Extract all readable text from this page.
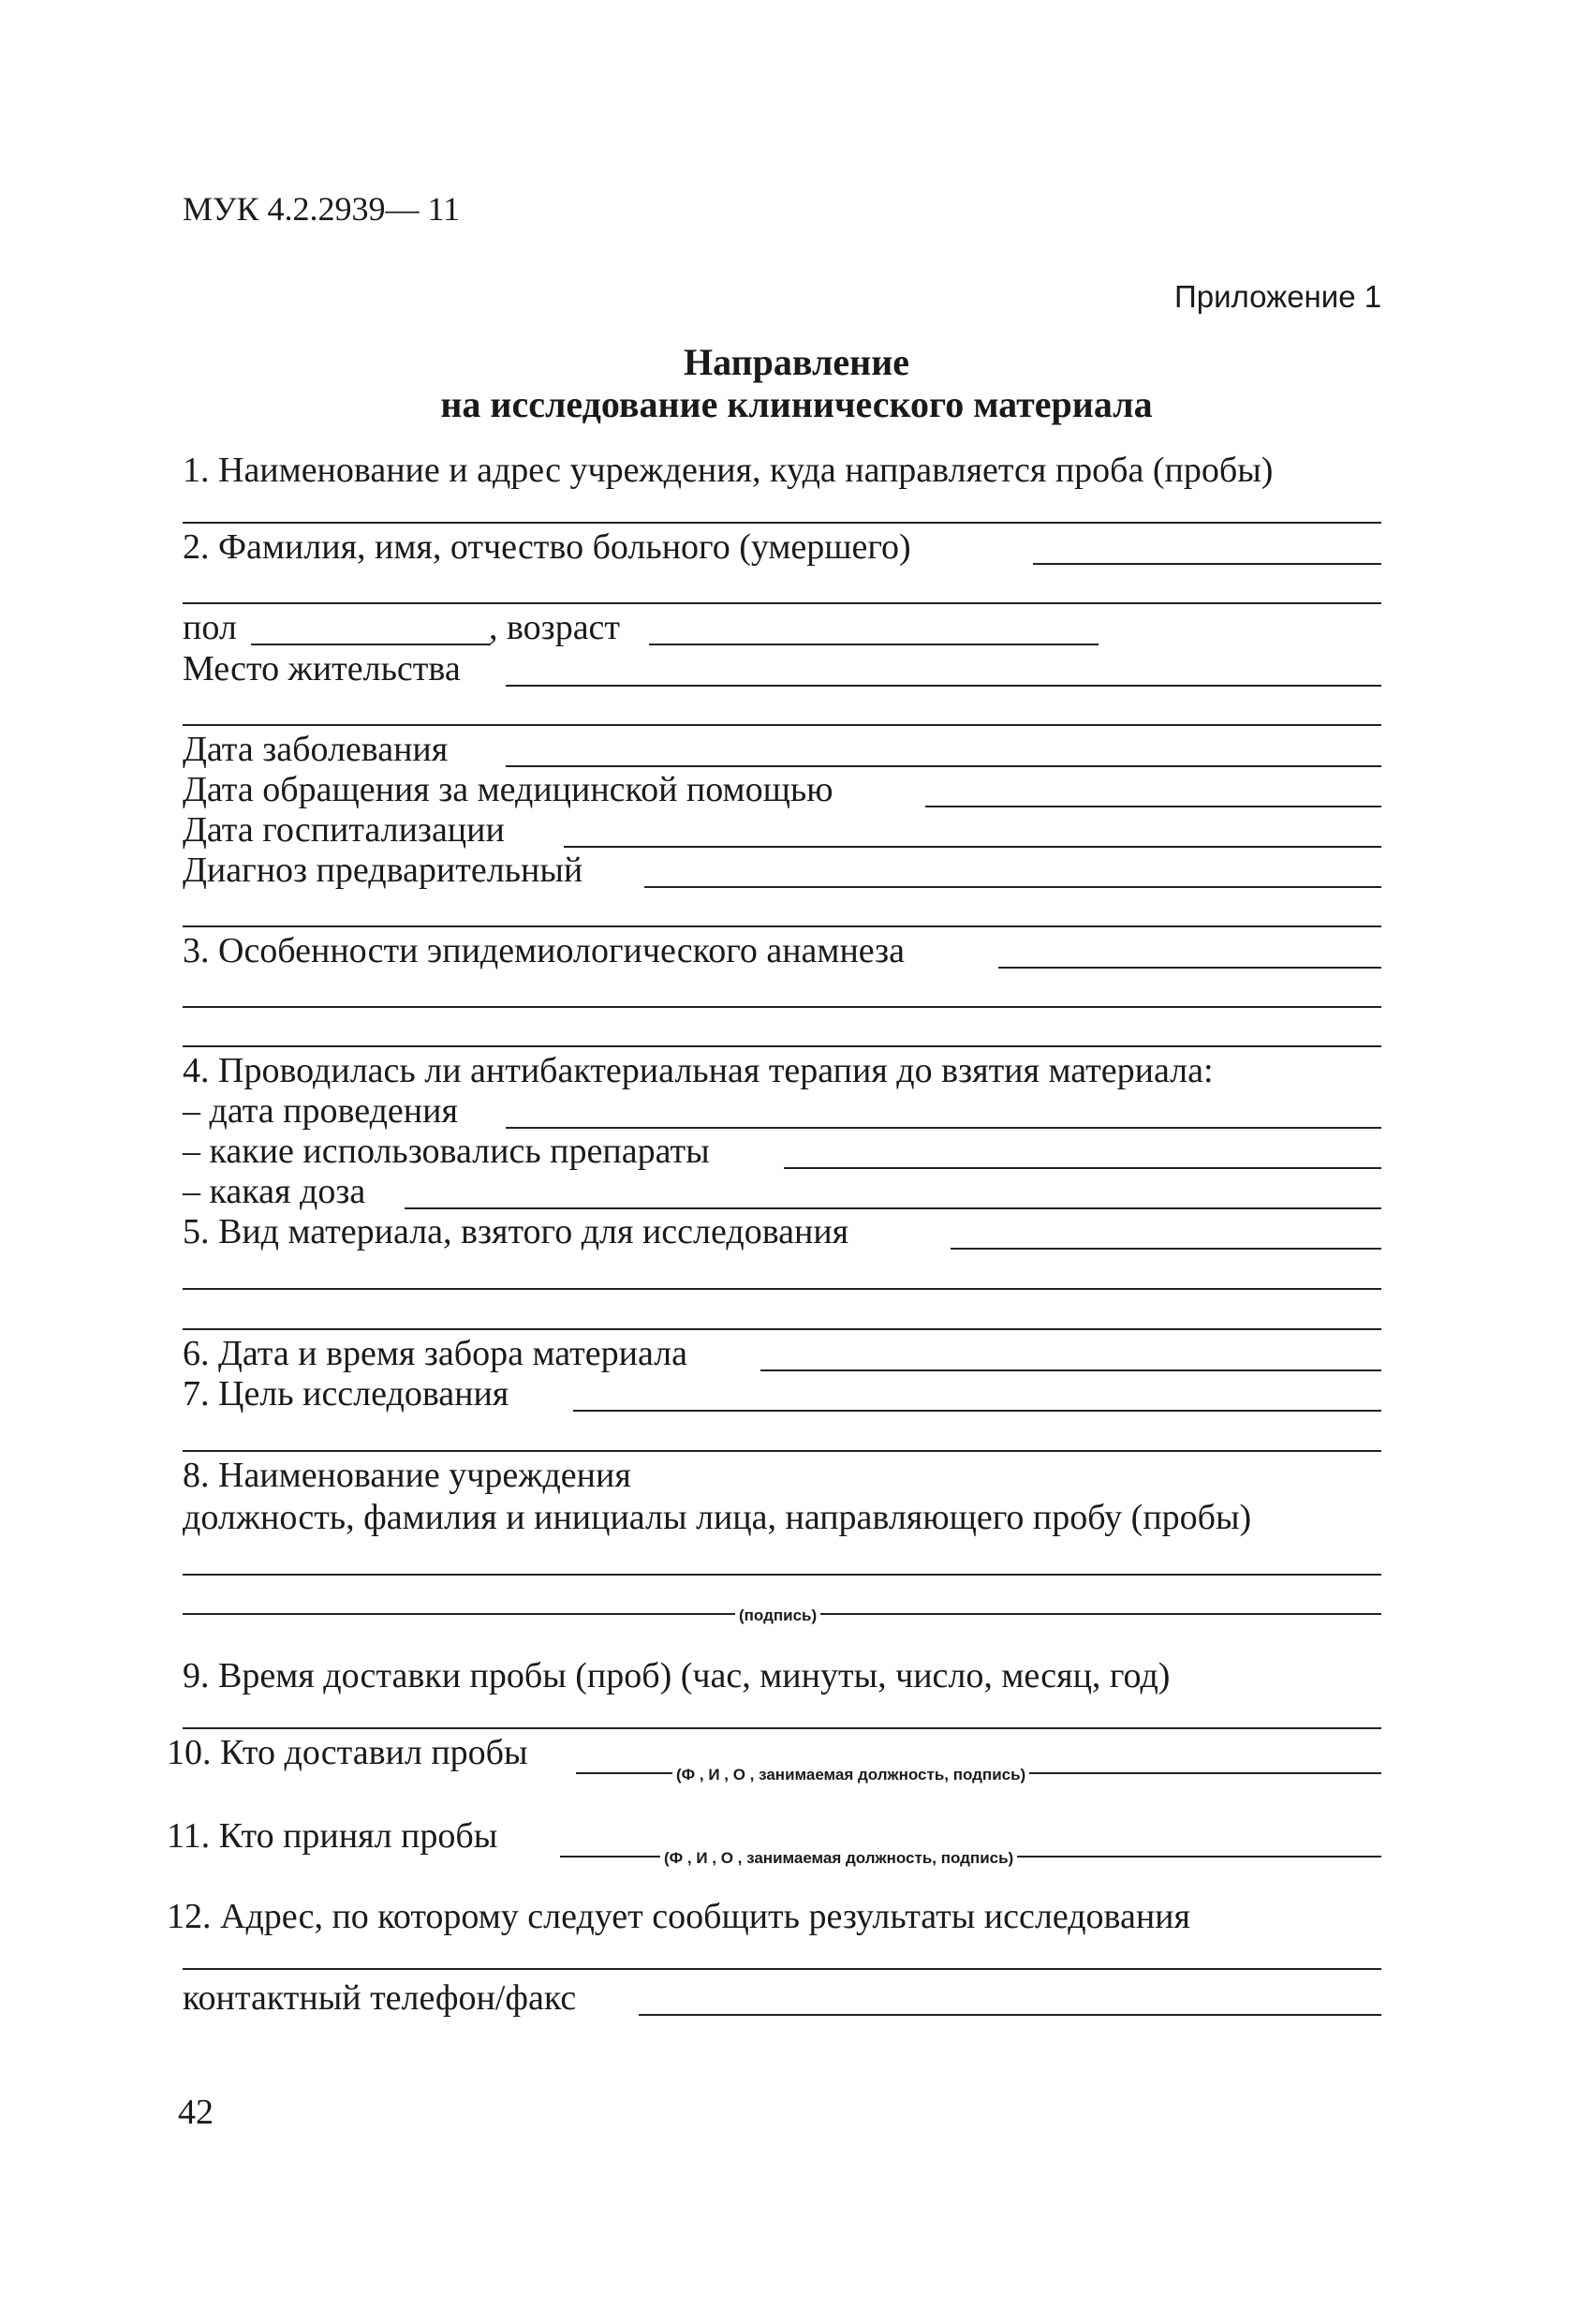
МУК 4.2.2939— 11
Приложение 1
Направление
на исследование клинического материала
1. Наименование и адрес учреждения, куда направляется проба (пробы)
2. Фамилия, имя, отчество больного (умершего)
пол	, возраст
Место жительства
Дата заболевания
Дата обращения за медицинской помощью
Дата госпитализации
Диагноз предварительный
3. Особенности эпидемиологического анамнеза
4. Проводилась ли антибактериальная терапия до взятия материала:
– дата проведения
– какие использовались препараты
– какая доза
5. Вид материала, взятого для исследования
6. Дата и время забора материала
7. Цель исследования
8. Наименование учреждения
должность, фамилия и инициалы лица, направляющего пробу (пробы)
(подпись)
9. Время доставки пробы (проб) (час, минуты, число, месяц, год)
10. Кто доставил пробы
(Ф , И , О , занимаемая должность, подпись)
11. Кто принял пробы
(Ф , И , О , занимаемая должность, подпись)
12. Адрес, по которому следует сообщить результаты исследования
контактный телефон/факс
42
